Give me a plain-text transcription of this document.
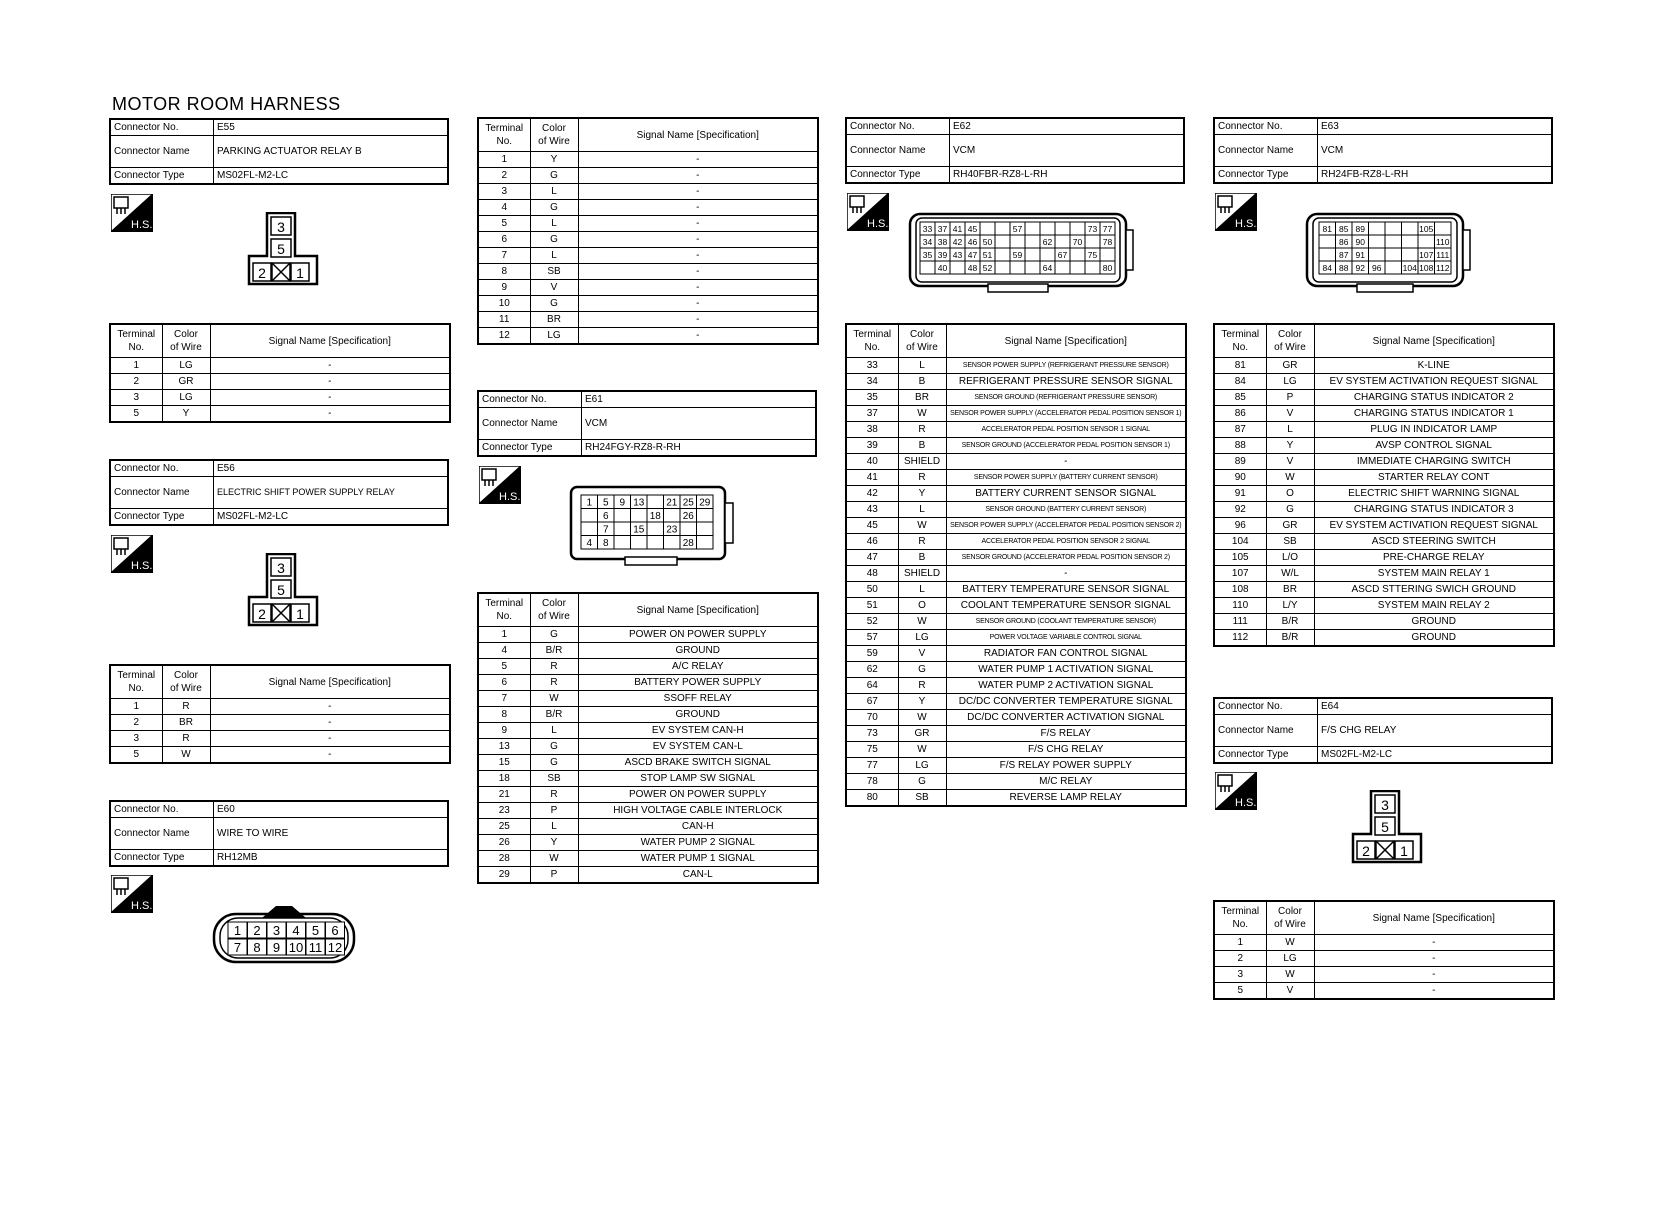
MOTOR ROOM HARNESS
Connector No.	E55
Connector Name	PARKING ACTUATOR RELAY B
Connector Type	MS02FL-M2-LC
H.S.	3
5
2 1
Terminal
No.	Color
of Wire	Signal Name [Specification]
1	LG	-
2	GR	-
3	LG	-
5	Y	-
Connector No.	E56
Connector Name	ELECTRIC SHIFT POWER SUPPLY RELAY
Connector Type	MS02FL-M2-LC
H.S.	3
5
2 1
Terminal
No.	Color
of Wire	Signal Name [Specification]
1	R	-
2	BR	-
3	R	-
5	W	-
Connector No.	E60
Connector Name	WIRE TO WIRE
Connector Type	RH12MB
H.S.
1 2 3 4 5 6
7 8 9 10 11 12
Terminal
No.	Color
of Wire	Signal Name [Specification]
1	Y	-
2	G	-
3	L	-
4	G	-
5	L	-
6	G	-
7	L	-
8	SB	-
9	V	-
10	G	-
11	BR	-
12	LG	-
Connector No.	E61
Connector Name	VCM
Connector Type	RH24FGY-RZ8-R-RH
H.S.	1 5 9 13 21 25 29
6	18 26
7 15 23
4 8	28
Terminal
No.	Color
of Wire	Signal Name [Specification]
1	G	POWER ON POWER SUPPLY
4	B/R	GROUND
5	R	A/C RELAY
6	R	BATTERY POWER SUPPLY
7	W	SSOFF RELAY
8	B/R	GROUND
9	L	EV SYSTEM CAN-H
13	G	EV SYSTEM CAN-L
15	G	ASCD BRAKE SWITCH SIGNAL
18	SB	STOP LAMP SW SIGNAL
21	R	POWER ON POWER SUPPLY
23	P	HIGH VOLTAGE CABLE INTERLOCK
25	L	CAN-H
26	Y	WATER PUMP 2 SIGNAL
28	W	WATER PUMP 1 SIGNAL
29	P	CAN-L
Connector No.	E62
Connector Name	VCM
Connector Type	RH40FBR-RZ8-L-RH
H.S.	33 37 41 45	57	73 77
34 38 42 46 50	62 70 78
35 39 43 47 51 59	67 75
40 48 52	64	80
Terminal
No.	Color
of Wire	Signal Name [Specification]
33	L	SENSOR POWER SUPPLY (REFRIGERANT PRESSURE SENSOR)
34	B	REFRIGERANT PRESSURE SENSOR SIGNAL
35	BR	SENSOR GROUND (REFRIGERANT PRESSURE SENSOR)
37	W	SENSOR POWER SUPPLY (ACCELERATOR PEDAL POSITION SENSOR 1)
38	R	ACCELERATOR PEDAL POSITION SENSOR 1 SIGNAL
39	B	SENSOR GROUND (ACCELERATOR PEDAL POSITION SENSOR 1)
40	SHIELD	-
41	R	SENSOR POWER SUPPLY (BATTERY CURRENT SENSOR)
42	Y	BATTERY CURRENT SENSOR SIGNAL
43	L	SENSOR GROUND (BATTERY CURRENT SENSOR)
45	W	SENSOR POWER SUPPLY (ACCELERATOR PEDAL POSITION SENSOR 2)
46	R	ACCELERATOR PEDAL POSITION SENSOR 2 SIGNAL
47	B	SENSOR GROUND (ACCELERATOR PEDAL POSITION SENSOR 2)
48	SHIELD	-
50	L	BATTERY TEMPERATURE SENSOR SIGNAL
51	O	COOLANT TEMPERATURE SENSOR SIGNAL
52	W	SENSOR GROUND (COOLANT TEMPERATURE SENSOR)
57	LG	POWER VOLTAGE VARIABLE CONTROL SIGNAL
59	V	RADIATOR FAN CONTROL SIGNAL
62	G	WATER PUMP 1 ACTIVATION SIGNAL
64	R	WATER PUMP 2 ACTIVATION SIGNAL
67	Y	DC/DC CONVERTER TEMPERATURE SIGNAL
70	W	DC/DC CONVERTER ACTIVATION SIGNAL
73	GR	F/S RELAY
75	W	F/S CHG RELAY
77	LG	F/S RELAY POWER SUPPLY
78	G	M/C RELAY
80	SB	REVERSE LAMP RELAY
Connector No.	E63
Connector Name	VCM
Connector Type	RH24FB-RZ8-L-RH
H.S.	81 85 89	105
86 90	110
87 91	107 111
84 88 92 96 104 108 112
Terminal
No.	Color
of Wire	Signal Name [Specification]
81	GR	K-LINE
84	LG	EV SYSTEM ACTIVATION REQUEST SIGNAL
85	P	CHARGING STATUS INDICATOR 2
86	V	CHARGING STATUS INDICATOR 1
87	L	PLUG IN INDICATOR LAMP
88	Y	AVSP CONTROL SIGNAL
89	V	IMMEDIATE CHARGING SWITCH
90	W	STARTER RELAY CONT
91	O	ELECTRIC SHIFT WARNING SIGNAL
92	G	CHARGING STATUS INDICATOR 3
96	GR	EV SYSTEM ACTIVATION REQUEST SIGNAL
104	SB	ASCD STEERING SWITCH
105	L/O	PRE-CHARGE RELAY
107	W/L	SYSTEM MAIN RELAY 1
108	BR	ASCD STTERING SWICH GROUND
110	L/Y	SYSTEM MAIN RELAY 2
111	B/R	GROUND
112	B/R	GROUND
Connector No.	E64
Connector Name	F/S CHG RELAY
Connector Type	MS02FL-M2-LC
H.S.	3
5
2 1
Terminal
No.	Color
of Wire	Signal Name [Specification]
1	W	-
2	LG	-
3	W	-
5	V	-
